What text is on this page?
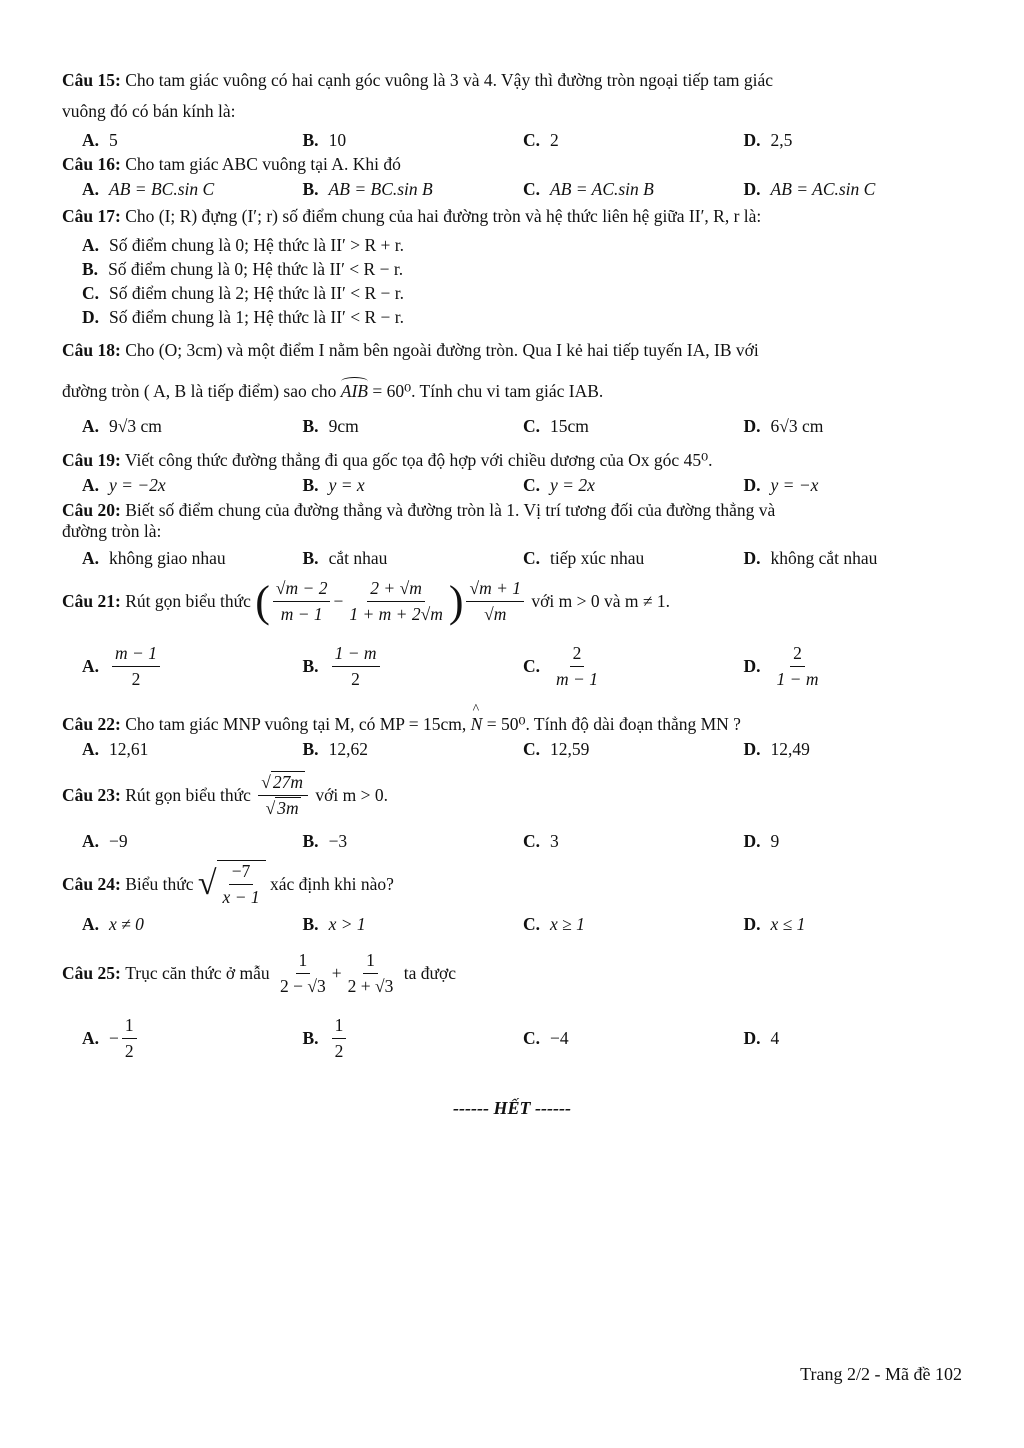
Câu 15: Cho tam giác vuông có hai cạnh góc vuông là 3 và 4. Vậy thì đường tròn ngoại tiếp tam giác
vuông đó có bán kính là:
A. 5	B. 10	C. 2	D. 2,5
Câu 16: Cho tam giác ABC vuông tại A. Khi đó
A. AB = BC.sin C	B. AB = BC.sin B	C. AB = AC.sin B	D. AB = AC.sin C
Câu 17: Cho (I; R) đựng (I′; r) số điểm chung của hai đường tròn và hệ thức liên hệ giữa II′, R, r là:
A. Số điểm chung là 0; Hệ thức là II′ > R + r.
B. Số điểm chung là 0; Hệ thức là II′ < R − r.
C. Số điểm chung là 2; Hệ thức là II′ < R − r.
D. Số điểm chung là 1; Hệ thức là II′ < R − r.
Câu 18: Cho (O; 3cm) và một điểm I nằm bên ngoài đường tròn. Qua I kẻ hai tiếp tuyến IA, IB với
đường tròn ( A, B là tiếp điểm) sao cho AIB = 60⁰. Tính chu vi tam giác IAB.
A. 9√3 cm	B. 9cm	C. 15cm	D. 6√3 cm
Câu 19: Viết công thức đường thẳng đi qua gốc tọa độ hợp với chiều dương của Ox góc 45⁰.
A. y = −2x	B. y = x	C. y = 2x	D. y = −x
Câu 20: Biết số điểm chung của đường thẳng và đường tròn là 1. Vị trí tương đối của đường thẳng và
đường tròn là:
A. không giao nhau	B. cắt nhau	C. tiếp xúc nhau	D. không cắt nhau
Câu 21:
Rút gọn biểu thức
( $\frac{√m - 2}{m - 1} - \frac{2 + √m}{1 + m + 2√m}$ ) $\frac{√m + 1}{√m}$
với m > 0 và m ≠ 1.
A. $\frac{m - 1}{2}$	B. $\frac{1 - m}{2}$	C. $\frac{2}{m - 1}$	D. $\frac{2}{1 - m}$
Câu 22: Cho tam giác MNP vuông tại M, có MP = 15cm, ^ N = 50⁰. Tính độ dài đoạn thẳng MN ?
A. 12,61	B. 12,62	C. 12,59	D. 12,49
Câu 23:
Rút gọn biểu thức
$\frac{√ 27m}{√ 3m}$
với m > 0.
A. −9	B. −3	C. 3	D. 9
Câu 24:
Biểu thức
√ $\frac{-7}{x - 1}$
xác định khi nào?
A. x ≠ 0	B. x > 1	C. x ≥ 1	D. x ≤ 1
Câu 25:
Trục căn thức ở mẫu
$\frac{1}{2 - √3} + \frac{1}{2 + √3}$
ta được
A. − $\frac{1}{2}$	B. $\frac{1}{2}$	C. −4	D. 4
------ HẾT ------
Trang 2/2 - Mã đề 102
